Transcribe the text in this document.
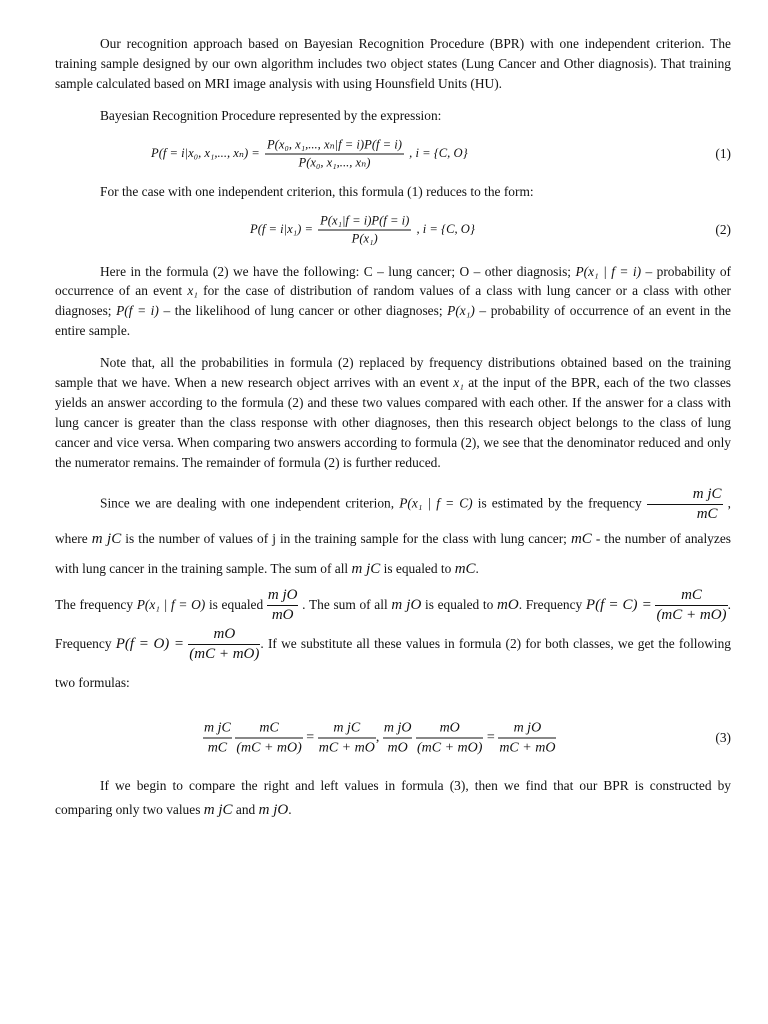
Our recognition approach based on Bayesian Recognition Procedure (BPR) with one independent criterion. The training sample designed by our own algorithm includes two object states (Lung Cancer and Other diagnosis). That training sample calculated based on MRI image analysis with using Hounsfield Units (HU).

Bayesian Recognition Procedure represented by the expression:

P(f = i|x₀, x₁,..., $x_n) = \frac{\text{P(x₀, x₁,..., xₙ|f = i)P(f = i)}}{\text{P(x₀, x₁,..., xₙ)}}$ , i = {C, O}	(1)

For the case with one independent criterion, this formula (1) reduces to the form:

$P(f = i|x_1) = \frac{\text{P(x₁|f = i)P(f = i)}}{\text{P(x₁)}}$ , i = {C, O}	(2)

Here in the formula (2) we have the following: C – lung cancer; O – other diagnosis; P(x₁ | f = i) – probability of occurrence of an event x₁ for the case of distribution of random values of a class with lung cancer or a class with other diagnoses; P(f = i) – the likelihood of lung cancer or other diagnoses; P(x₁) – probability of occurrence of an event in the entire sample.

Note that, all the probabilities in formula (2) replaced by frequency distributions obtained based on the training sample that we have. When a new research object arrives with an event x₁ at the input of the BPR, each of the two classes yields an answer according to the formula (2) and these two values compared with each other. If the answer for a class with lung cancer is greater than the class response with other diagnoses, then this research object belongs to the class of lung cancer and vice versa. When comparing two answers according to formula (2), we see that the denominator reduced and only the numerator remains. The remainder of formula (2) is further reduced.

Since we are dealing with one independent criterion, P(x₁ | f = C) is estimated by the frequency $\frac{\text{m jC}}{mC}$ , where m jC is the number of values of j in the training sample for the class with lung cancer; mC - the number of analyzes with lung cancer in the training sample. The sum of all m jC is equaled to mC.

The frequency P(x₁ | f = O) is equaled $\frac{\text{m jO}}{mO}$ . The sum of all m jO is equaled to mO. Frequency $P(f = C) = \frac{mC}{(mC + mO)}$ . Frequency $P(f = O) = \frac{mO}{(mC + mO)}$ . If we substitute all these values in formula (2) for both classes, we get the following two formulas:

$\frac{\text{m jC}}{mC}$
$\frac{mC}{(mC + mO)} = \frac{\text{m jC}}{mC + mO}$ , $\frac{\text{m jO}}{mO}$
$\frac{mO}{(mC + mO)} = \frac{\text{m jO}}{mC + mO}$	(3)

If we begin to compare the right and left values in formula (3), then we find that our BPR is constructed by comparing only two values m jC and m jO.
